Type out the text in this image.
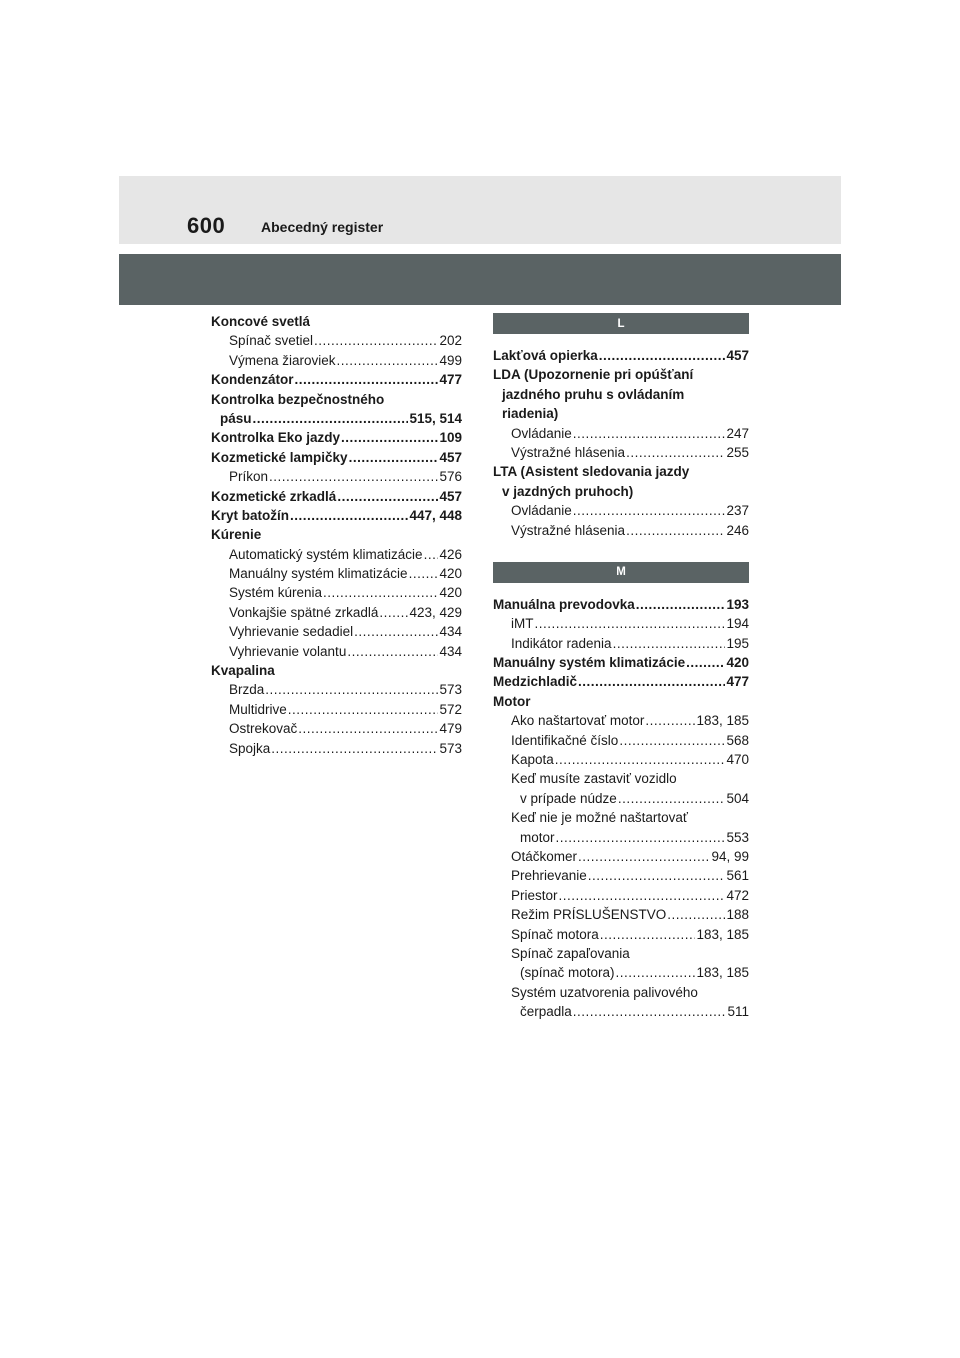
600	Abecedný register
Koncové svetlá
Spínač svetiel .....	202
Výmena žiaroviek .....	499
Kondenzátor .....	477
Kontrolka bezpečnostného
pásu .....	515, 514
Kontrolka Eko jazdy .....	109
Kozmetické lampičky .....	457
Príkon .....	576
Kozmetické zrkadlá .....	457
Kryt batožín .....	447, 448
Kúrenie
Automatický systém klimatizácie ..... 426
Manuálny systém klimatizácie ..... 420
Systém kúrenia .....	420
Vonkajšie spätné zrkadlá ..... 423, 429
Vyhrievanie sedadiel .....	434
Vyhrievanie volantu .....	434
Kvapalina
Brzda .....	573
Multidrive .....	572
Ostrekovač .....	479
Spojka .....	573
L
Lakťová opierka .....	457
LDA (Upozornenie pri opúšťaní
jazdného pruhu s ovládaním
riadenia)
Ovládanie .....	247
Výstražné hlásenia .....	255
LTA (Asistent sledovania jazdy
v jazdných pruhoch)
Ovládanie .....	237
Výstražné hlásenia .....	246
M
Manuálna prevodovka .....	193
iMT .....	194
Indikátor radenia .....	195
Manuálny systém klimatizácie .....	420
Medzichladič .....	477
Motor
Ako naštartovať motor .....	183, 185
Identifikačné číslo .....	568
Kapota .....	470
Keď musíte zastaviť vozidlo
v prípade núdze .....	504
Keď nie je možné naštartovať
motor .....	553
Otáčkomer .....	94, 99
Prehrievanie .....	561
Priestor .....	472
Režim PRÍSLUŠENSTVO .....	188
Spínač motora .....	183, 185
Spínač zapaľovania
(spínač motora) .....	183, 185
Systém uzatvorenia palivového
čerpadla .....	511
